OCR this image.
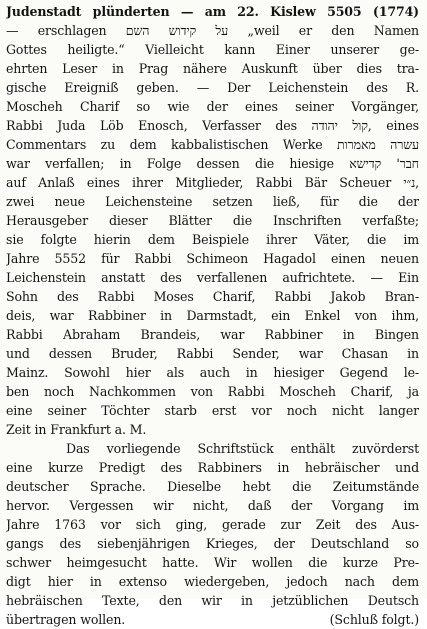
Judenstadt plünderten — am 22. Kislew 5505 (1774)
— erschlagen על קידוש השם „weil er den Namen
Gottes heiligte.“ Vielleicht kann Einer unserer ge-
ehrten Leser in Prag nähere Auskunft über dies tra-
gische Ereigniß geben. — Der Leichenstein des R.
Moscheh Charif so wie der eines seiner Vorgänger,
Rabbi Juda Löb Enosch, Verfasser des קול יהודה, eines
Commentars zu dem kabbalistischen Werke עשרה מאמרות
war verfallen; in Folge dessen die hiesige חבר' קדישא
auf Anlaß eines ihrer Mitglieder, Rabbi Bär Scheuer נ״י,
zwei neue Leichensteine setzen ließ, für die der
Herausgeber dieser Blätter die Inschriften verfaßte;
sie folgte hierin dem Beispiele ihrer Väter, die im
Jahre 5552 für Rabbi Schimeon Hagadol einen neuen
Leichenstein anstatt des verfallenen aufrichtete. — Ein
Sohn des Rabbi Moses Charif, Rabbi Jakob Bran-
deis, war Rabbiner in Darmstadt, ein Enkel von ihm,
Rabbi Abraham Brandeis, war Rabbiner in Bingen
und dessen Bruder, Rabbi Sender, war Chasan in
Mainz. Sowohl hier als auch in hiesiger Gegend le-
ben noch Nachkommen von Rabbi Moscheh Charif, ja
eine seiner Töchter starb erst vor noch nicht langer
Zeit in Frankfurt a. M.
Das vorliegende Schriftstück enthält zuvörderst
eine kurze Predigt des Rabbiners in hebräischer und
deutscher Sprache. Dieselbe hebt die Zeitumstände
hervor. Vergessen wir nicht, daß der Vorgang im
Jahre 1763 vor sich ging, gerade zur Zeit des Aus-
gangs des siebenjährigen Krieges, der Deutschland so
schwer heimgesucht hatte. Wir wollen die kurze Pre-
digt hier in extenso wiedergeben, jedoch nach dem
hebräischen Texte, den wir in jetzüblichen Deutsch
übertragen wollen.	(Schluß folgt.)
